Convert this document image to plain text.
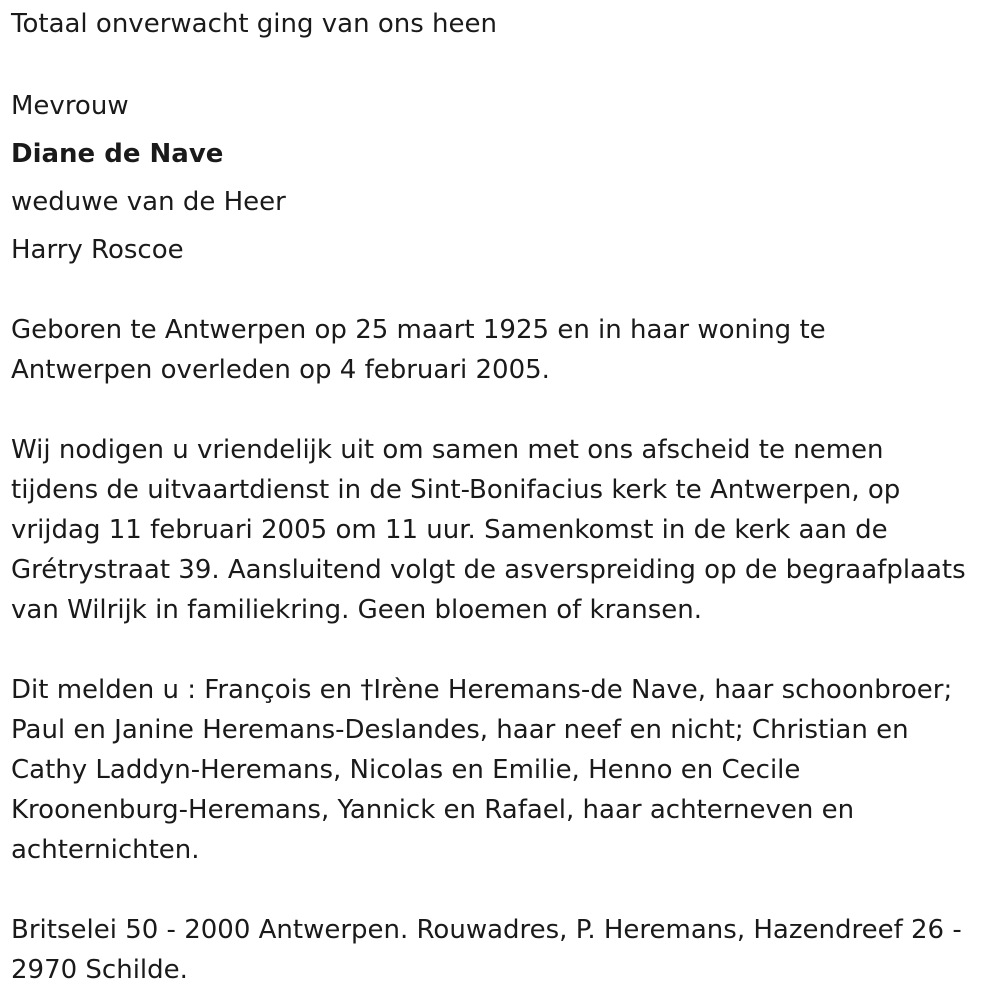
Totaal onverwacht ging van ons heen
Mevrouw
Diane de Nave
weduwe van de Heer
Harry Roscoe
Geboren te Antwerpen op 25 maart 1925 en in haar woning te
Antwerpen overleden op 4 februari 2005.
Wij nodigen u vriendelijk uit om samen met ons afscheid te nemen
tijdens de uitvaartdienst in de Sint-Bonifacius kerk te Antwerpen, op
vrijdag 11 februari 2005 om 11 uur. Samenkomst in de kerk aan de
Grétrystraat 39. Aansluitend volgt de asverspreiding op de begraafplaats
van Wilrijk in familiekring. Geen bloemen of kransen.
Dit melden u : François en †Irène Heremans-de Nave, haar schoonbroer;
Paul en Janine Heremans-Deslandes, haar neef en nicht; Christian en
Cathy Laddyn-Heremans, Nicolas en Emilie, Henno en Cecile
Kroonenburg-Heremans, Yannick en Rafael, haar achterneven en
achternichten.
Britselei 50 - 2000 Antwerpen. Rouwadres, P. Heremans, Hazendreef 26 -
2970 Schilde.
